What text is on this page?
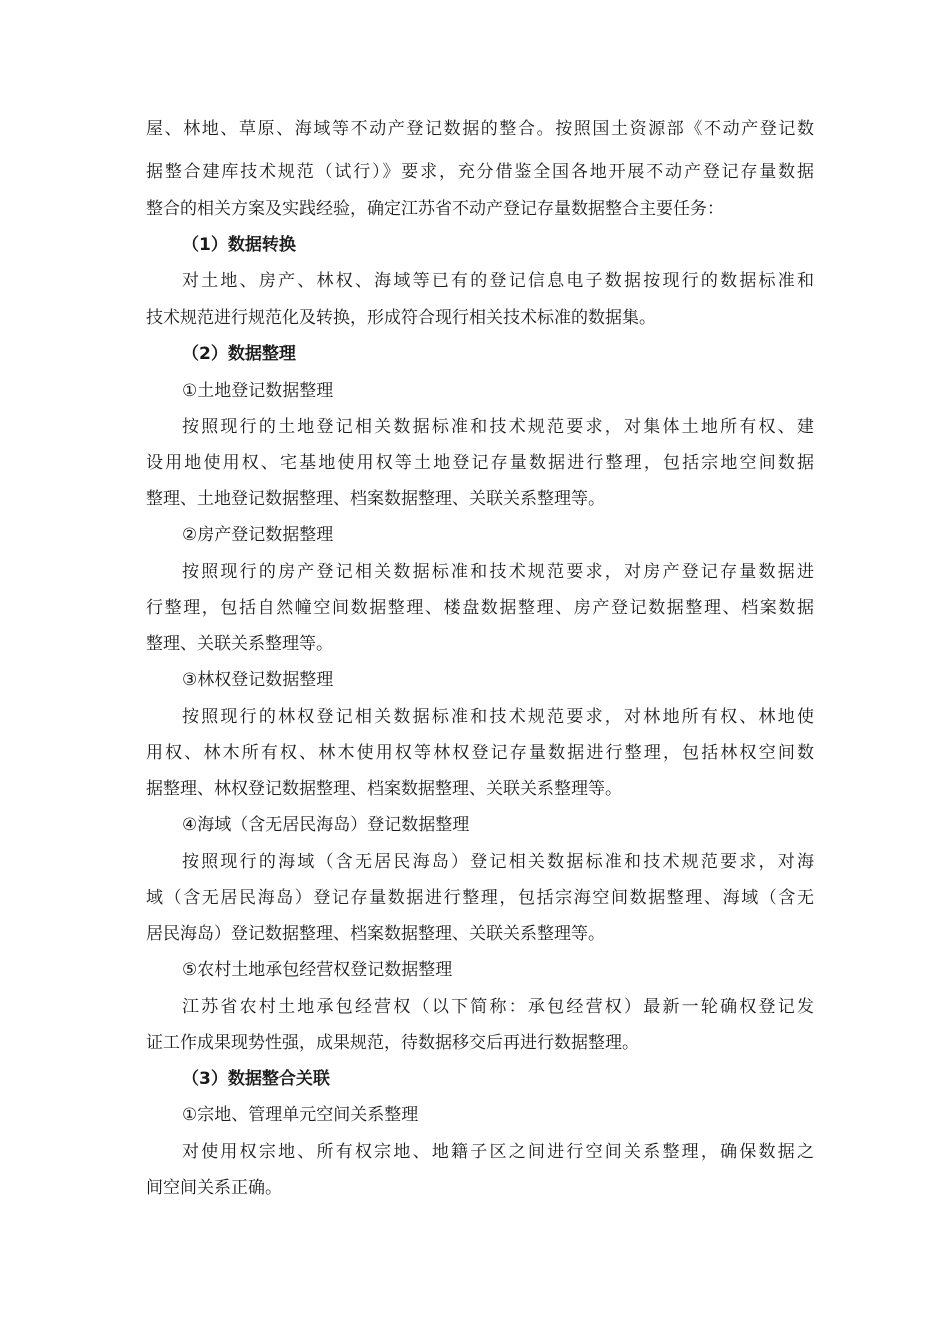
屋、林地、草原、海域等不动产登记数据的整合。按照国土资源部《不动产登记数
据整合建库技术规范（试行）》要求，充分借鉴全国各地开展不动产登记存量数据
整合的相关方案及实践经验，确定江苏省不动产登记存量数据整合主要任务：
（1）数据转换
对土地、房产、林权、海域等已有的登记信息电子数据按现行的数据标准和
技术规范进行规范化及转换，形成符合现行相关技术标准的数据集。
（2）数据整理
①土地登记数据整理
按照现行的土地登记相关数据标准和技术规范要求，对集体土地所有权、建
设用地使用权、宅基地使用权等土地登记存量数据进行整理，包括宗地空间数据
整理、土地登记数据整理、档案数据整理、关联关系整理等。
②房产登记数据整理
按照现行的房产登记相关数据标准和技术规范要求，对房产登记存量数据进
行整理，包括自然幢空间数据整理、楼盘数据整理、房产登记数据整理、档案数据
整理、关联关系整理等。
③林权登记数据整理
按照现行的林权登记相关数据标准和技术规范要求，对林地所有权、林地使
用权、林木所有权、林木使用权等林权登记存量数据进行整理，包括林权空间数
据整理、林权登记数据整理、档案数据整理、关联关系整理等。
④海域（含无居民海岛）登记数据整理
按照现行的海域（含无居民海岛）登记相关数据标准和技术规范要求，对海
域（含无居民海岛）登记存量数据进行整理，包括宗海空间数据整理、海域（含无
居民海岛）登记数据整理、档案数据整理、关联关系整理等。
⑤农村土地承包经营权登记数据整理
江苏省农村土地承包经营权（以下简称：承包经营权）最新一轮确权登记发
证工作成果现势性强，成果规范，待数据移交后再进行数据整理。
（3）数据整合关联
①宗地、管理单元空间关系整理
对使用权宗地、所有权宗地、地籍子区之间进行空间关系整理，确保数据之
间空间关系正确。
